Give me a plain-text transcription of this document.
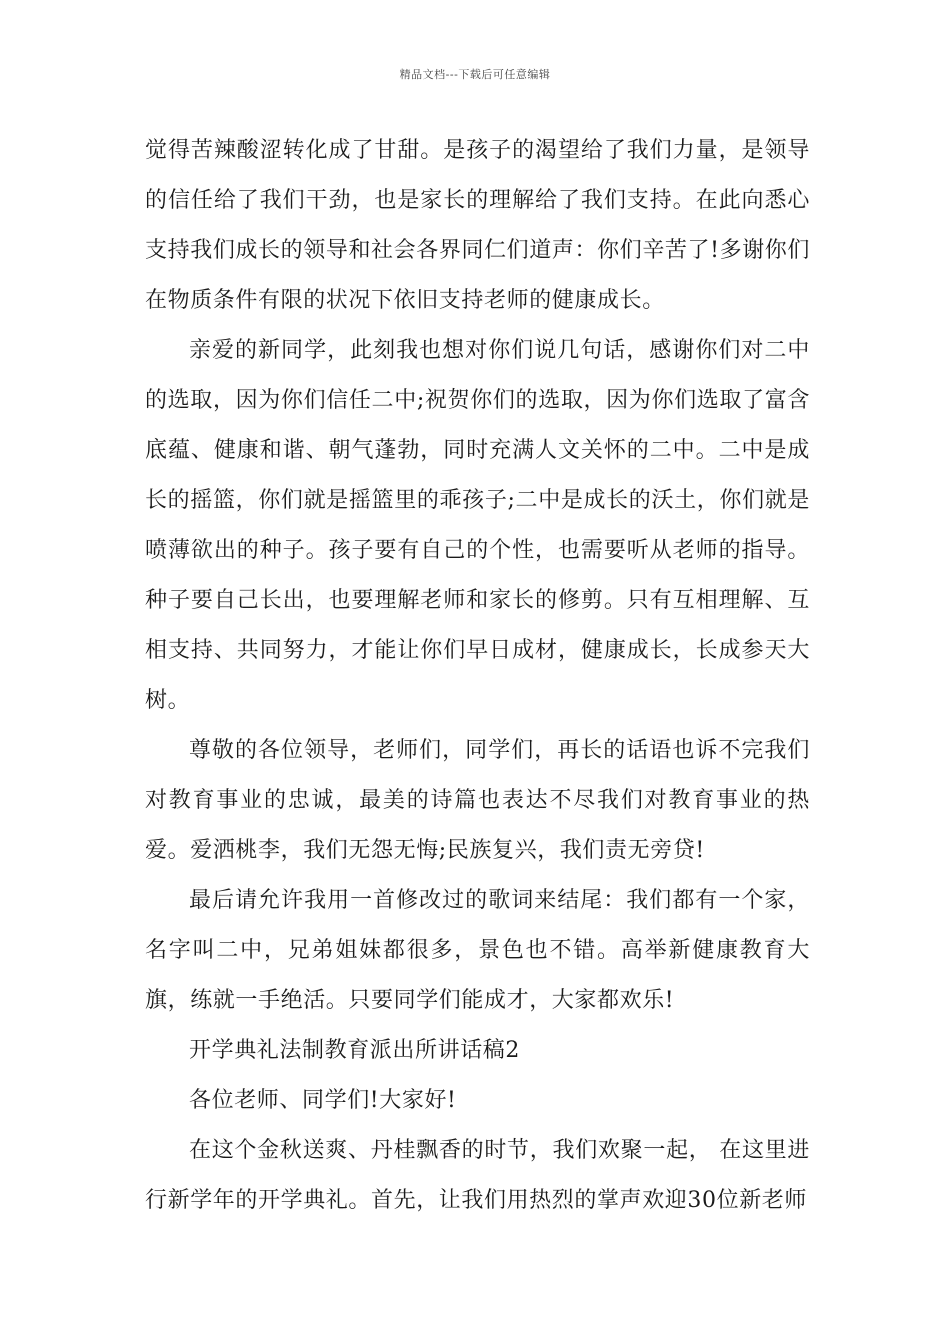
精品文档---下载后可任意编辑

觉得苦辣酸涩转化成了甘甜。是孩子的渴望给了我们力量，是领导的信任给了我们干劲，也是家长的理解给了我们支持。在此向悉心支持我们成长的领导和社会各界同仁们道声：你们辛苦了!多谢你们在物质条件有限的状况下依旧支持老师的健康成长。

亲爱的新同学，此刻我也想对你们说几句话，感谢你们对二中的选取，因为你们信任二中;祝贺你们的选取，因为你们选取了富含底蕴、健康和谐、朝气蓬勃，同时充满人文关怀的二中。二中是成长的摇篮，你们就是摇篮里的乖孩子;二中是成长的沃土，你们就是喷薄欲出的种子。孩子要有自己的个性，也需要听从老师的指导。种子要自己长出，也要理解老师和家长的修剪。只有互相理解、互相支持、共同努力，才能让你们早日成材，健康成长，长成参天大树。

尊敬的各位领导，老师们，同学们，再长的话语也诉不完我们对教育事业的忠诚，最美的诗篇也表达不尽我们对教育事业的热爱。爱洒桃李，我们无怨无悔;民族复兴，我们责无旁贷!

最后请允许我用一首修改过的歌词来结尾：我们都有一个家，名字叫二中，兄弟姐妹都很多，景色也不错。高举新健康教育大旗，练就一手绝活。只要同学们能成才，大家都欢乐!

开学典礼法制教育派出所讲话稿2

各位老师、同学们!大家好!

在这个金秋送爽、丹桂飘香的时节，我们欢聚一起， 在这里进行新学年的开学典礼。首先，让我们用热烈的掌声欢迎30位新老师
